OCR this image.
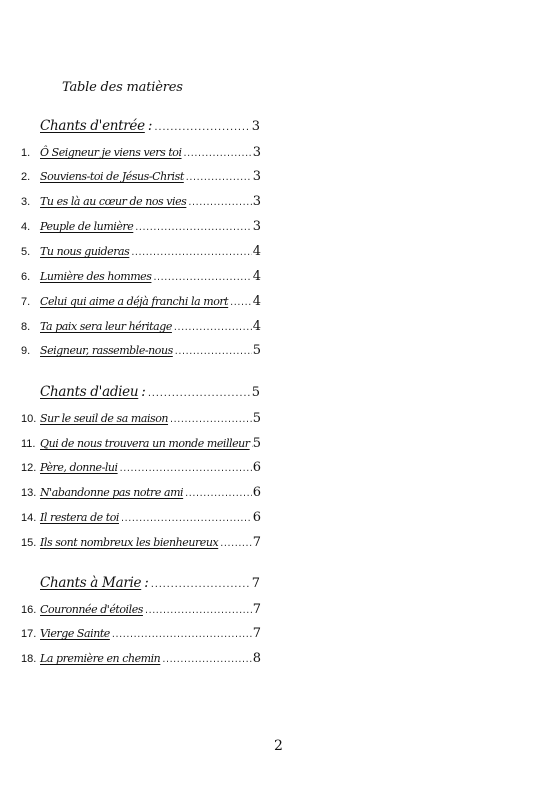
Table des matières
Chants d'entrée : .....	3
1. Ô Seigneur je viens vers toi .....	3
2. Souviens-toi de Jésus-Christ .....	3
3. Tu es là au cœur de nos vies .....	3
4. Peuple de lumière .....	3
5. Tu nous guideras .....	4
6. Lumière des hommes .....	4
7. Celui qui aime a déjà franchi la mort ..... 4
8. Ta paix sera leur héritage .....	4
9. Seigneur, rassemble-nous .....	5
Chants d'adieu : .....	5
10. Sur le seuil de sa maison .....	5
11. Qui de nous trouvera un monde meilleur ..... 5
12. Père, donne-lui .....	6
13. N'abandonne pas notre ami .....	6
14. Il restera de toi .....	6
15. Ils sont nombreux les bienheureux .....	7
Chants à Marie : .....	7
16. Couronnée d'étoiles .....	7
17. Vierge Sainte .....	7
18. La première en chemin .....	8
2
